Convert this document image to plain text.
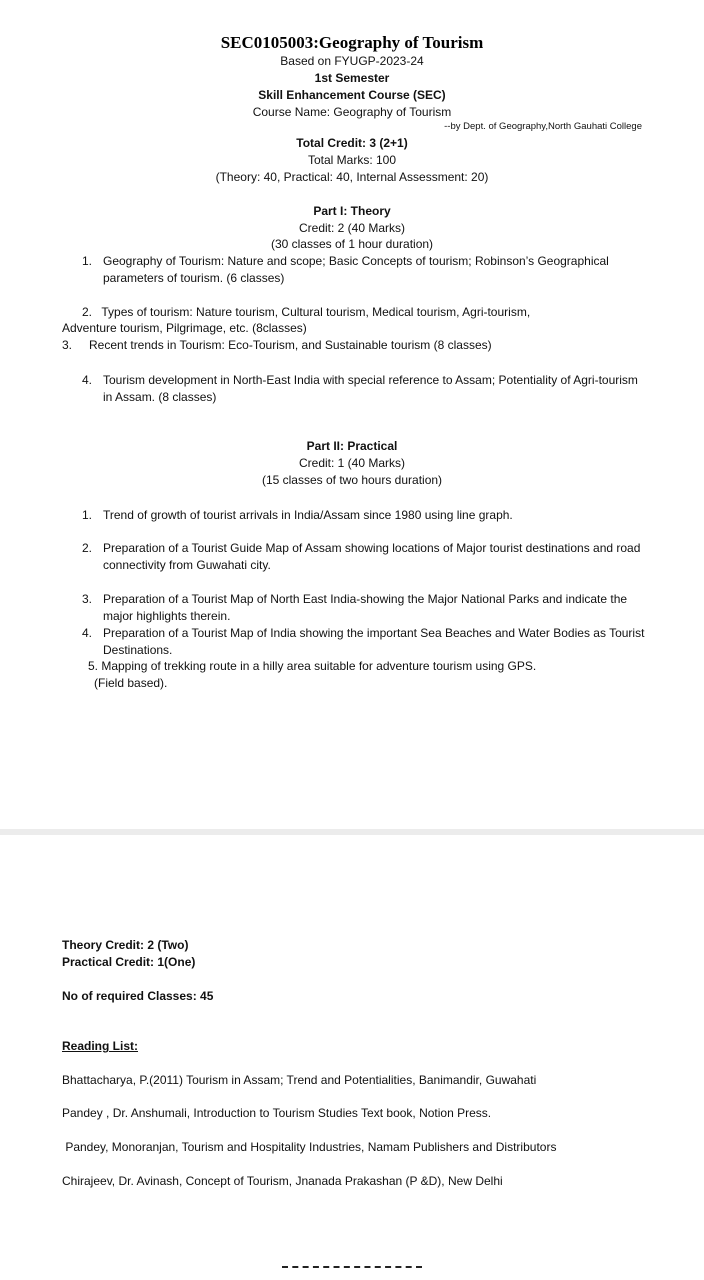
SEC0105003:Geography of Tourism
Based on FYUGP-2023-24
1st Semester
Skill Enhancement Course (SEC)
Course Name: Geography of Tourism
--by Dept. of Geography,North Gauhati College
Total Credit: 3 (2+1)
Total Marks: 100
(Theory: 40, Practical: 40, Internal Assessment: 20)
Part I: Theory
Credit: 2 (40 Marks)
(30 classes of 1 hour duration)
1. Geography of Tourism: Nature and scope; Basic Concepts of tourism; Robinson’s Geographical parameters of tourism. (6 classes)
2. Types of tourism: Nature tourism, Cultural tourism, Medical tourism, Agri-tourism,
Adventure tourism, Pilgrimage, etc. (8classes)
3. Recent trends in Tourism: Eco-Tourism, and Sustainable tourism (8 classes)
4. Tourism development in North-East India with special reference to Assam; Potentiality of Agri-tourism in Assam. (8 classes)
Part II: Practical
Credit: 1 (40 Marks)
(15 classes of two hours duration)
1. Trend of growth of tourist arrivals in India/Assam since 1980 using line graph.
2. Preparation of a Tourist Guide Map of Assam showing locations of Major tourist destinations and road connectivity from Guwahati city.
3. Preparation of a Tourist Map of North East India-showing the Major National Parks and indicate the major highlights therein.
4. Preparation of a Tourist Map of India showing the important Sea Beaches and Water Bodies as Tourist Destinations.
5. Mapping of trekking route in a hilly area suitable for adventure tourism using GPS.
(Field based).
Theory Credit: 2 (Two)
Practical Credit: 1(One)
No of required Classes: 45
Reading List:
Bhattacharya, P.(2011) Tourism in Assam; Trend and Potentialities, Banimandir, Guwahati
Pandey , Dr. Anshumali, Introduction to Tourism Studies Text book, Notion Press.
Pandey, Monoranjan, Tourism and Hospitality Industries, Namam Publishers and Distributors
Chirajeev, Dr. Avinash, Concept of Tourism, Jnanada Prakashan (P &D), New Delhi
